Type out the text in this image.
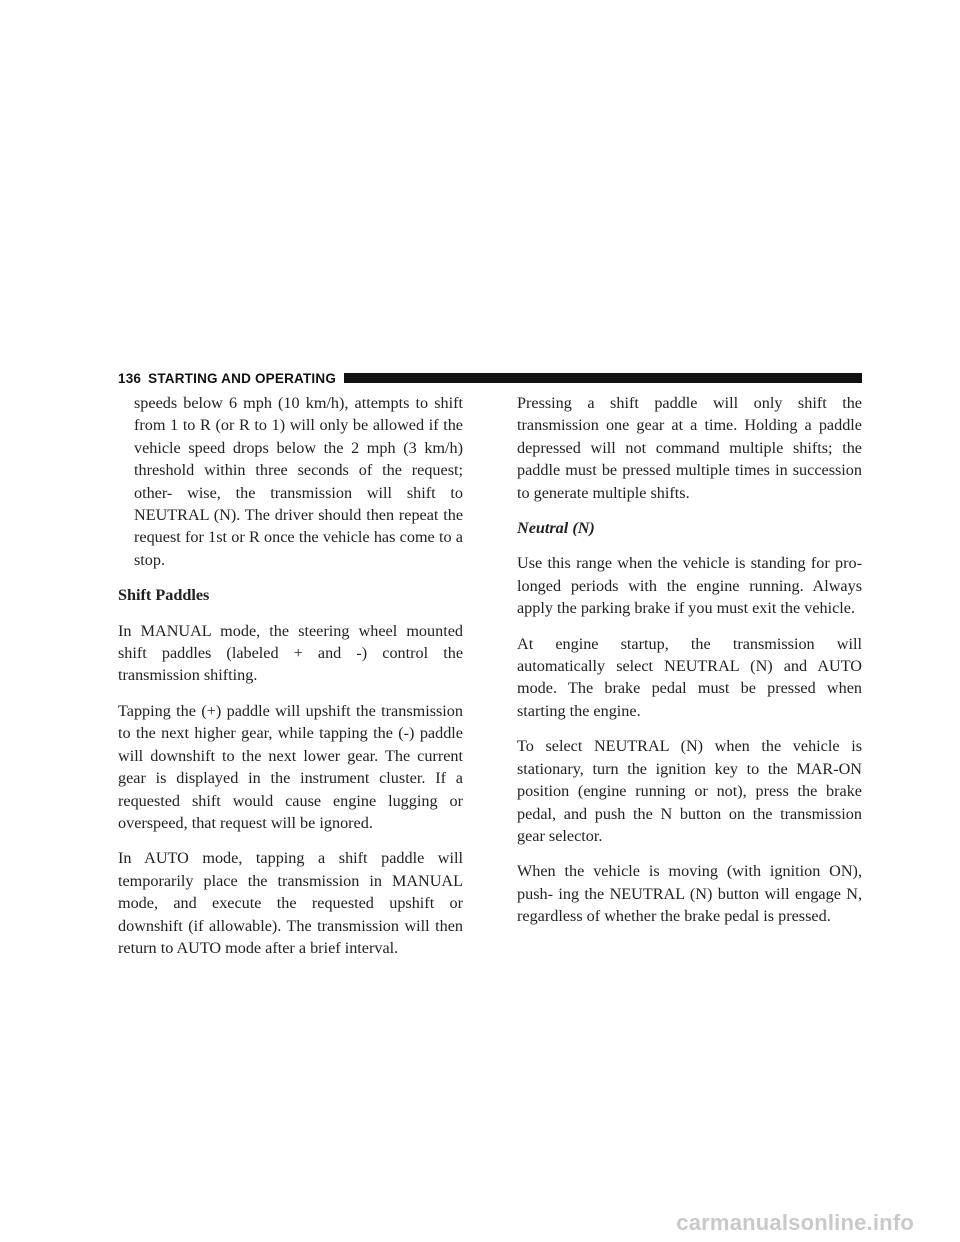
136 STARTING AND OPERATING

speeds below 6 mph (10 km/h), attempts to shift from 1 to R (or R to 1) will only be allowed if the vehicle speed drops below the 2 mph (3 km/h) threshold within three seconds of the request; other- wise, the transmission will shift to NEUTRAL (N). The driver should then repeat the request for 1st or R once the vehicle has come to a stop.

Shift Paddles

In MANUAL mode, the steering wheel mounted shift paddles (labeled + and -) control the transmission shifting.

Tapping the (+) paddle will upshift the transmission to the next higher gear, while tapping the (-) paddle will downshift to the next lower gear. The current gear is displayed in the instrument cluster. If a requested shift would cause engine lugging or overspeed, that request will be ignored.

In AUTO mode, tapping a shift paddle will temporarily place the transmission in MANUAL mode, and execute the requested upshift or downshift (if allowable). The transmission will then return to AUTO mode after a brief interval.

Pressing a shift paddle will only shift the transmission one gear at a time. Holding a paddle depressed will not command multiple shifts; the paddle must be pressed multiple times in succession to generate multiple shifts.

Neutral (N)

Use this range when the vehicle is standing for pro- longed periods with the engine running. Always apply the parking brake if you must exit the vehicle.

At engine startup, the transmission will automatically select NEUTRAL (N) and AUTO mode. The brake pedal must be pressed when starting the engine.

To select NEUTRAL (N) when the vehicle is stationary, turn the ignition key to the MAR-ON position (engine running or not), press the brake pedal, and push the N button on the transmission gear selector.

When the vehicle is moving (with ignition ON), push- ing the NEUTRAL (N) button will engage N, regardless of whether the brake pedal is pressed.

carmanualsonline.info
